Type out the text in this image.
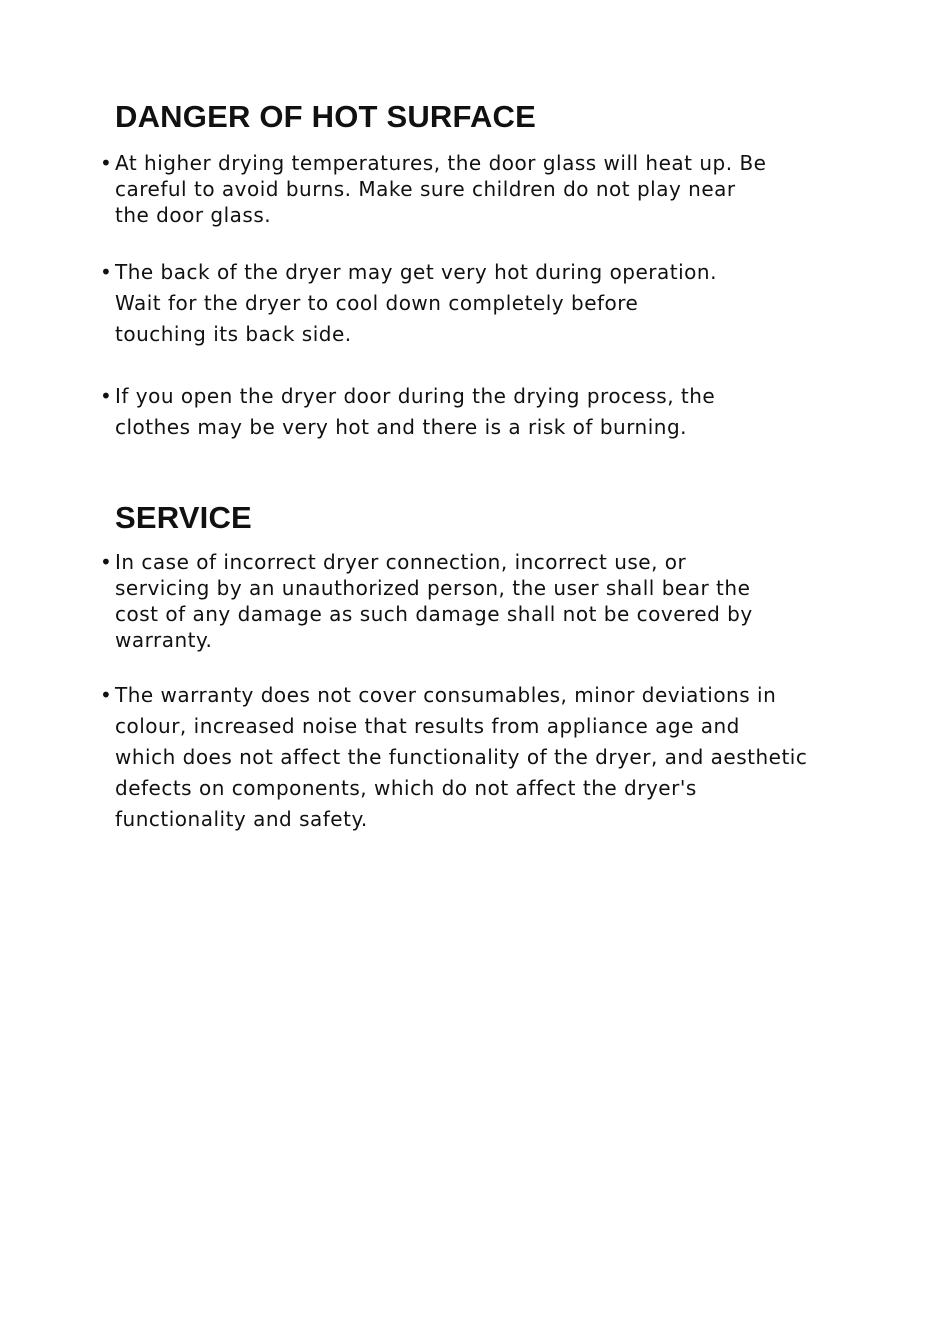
DANGER OF HOT SURFACE
• At higher drying temperatures, the door glass will heat up. Be
careful to avoid burns. Make sure children do not play near
the door glass.
• The back of the dryer may get very hot during operation.
Wait for the dryer to cool down completely before
touching its back side.
• If you open the dryer door during the drying process, the
clothes may be very hot and there is a risk of burning.
SERVICE
• In case of incorrect dryer connection, incorrect use, or
servicing by an unauthorized person, the user shall bear the
cost of any damage as such damage shall not be covered by
warranty.
• The warranty does not cover consumables, minor deviations in
colour, increased noise that results from appliance age and
which does not affect the functionality of the dryer, and aesthetic
defects on components, which do not affect the dryer's
functionality and safety.
